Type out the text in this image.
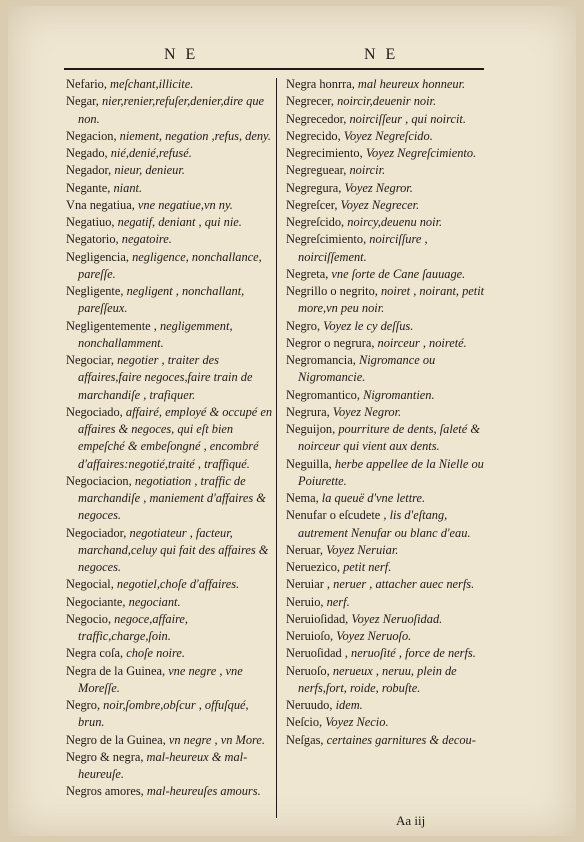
N E	N E

Nefario, meſchant,illicite.

Negar, nier,renier,refuſer,denier,dire que non.

Negacion, niement, negation ,refus, deny.

Negado, nié,denié,refusé.

Negador, nieur, denieur.

Negante, niant.

Vna negatiua, vne negatiue,vn ny.

Negatiuo, negatif, deniant , qui nie.

Negatorio, negatoire.

Negligencia, negligence, nonchallance, pareſſe.

Negligente, negligent , nonchallant, pareſſeux.

Negligentemente , negligemment, nonchallamment.

Negociar, negotier , traiter des affaires,faire negoces,faire train de marchandiſe , trafiquer.

Negociado, affairé, employé & occupé en affaires & negoces, qui eſt bien empeſché & embeſongné , encombré d'affaires:negotié,traité , traffiqué.

Negociacion, negotiation , traffic de marchandiſe , maniement d'affaires & negoces.

Negociador, negotiateur , facteur, marchand,celuy qui fait des affaires & negoces.

Negocial, negotiel,choſe d'affaires.

Negociante, negociant.

Negocio, negoce,affaire, traffic,charge,ſoin.

Negra coſa, choſe noire.

Negra de la Guinea, vne negre , vne Moreſſe.

Negro, noir,ſombre,obſcur , offuſqué, brun.

Negro de la Guinea, vn negre , vn More.

Negro & negra, mal-heureux & mal-heureuſe.

Negros amores, mal-heureuſes amours.

Negra honrra, mal heureux honneur.

Negrecer, noircir,deuenir noir.

Negrecedor, noirciſſeur , qui noircit.

Negrecido, Voyez Negreſcido.

Negrecimiento, Voyez Negreſcimiento.

Negreguear, noircir.

Negregura, Voyez Negror.

Negreſcer, Voyez Negrecer.

Negreſcido, noircy,deuenu noir.

Negreſcimiento, noirciſſure , noirciſſement.

Negreta, vne ſorte de Cane ſauuage.

Negrillo o negrito, noiret , noirant, petit more,vn peu noir.

Negro, Voyez le cy deſſus.

Negror o negrura, noirceur , noireté.

Negromancia, Nigromance ou Nigromancie.

Negromantico, Nigromantien.

Negrura, Voyez Negror.

Neguijon, pourriture de dents, ſaleté & noirceur qui vient aux dents.

Neguilla, herbe appellee de la Nielle ou Poiurette.

Nema, la queuë d'vne lettre.

Nenufar o eſcudete , lis d'eſtang, autrement Nenufar ou blanc d'eau.

Neruar, Voyez Neruiar.

Neruezico, petit nerf.

Neruiar , neruer , attacher auec nerfs.

Neruio, nerf.

Neruioſidad, Voyez Neruoſidad.

Neruioſo, Voyez Neruoſo.

Neruoſidad , neruoſité , force de nerfs.

Neruoſo, nerueux , neruu, plein de nerfs,fort, roide, robuſte.

Neruudo, idem.

Neſcio, Voyez Necio.

Neſgas, certaines garnitures & decou-

Aa iij
